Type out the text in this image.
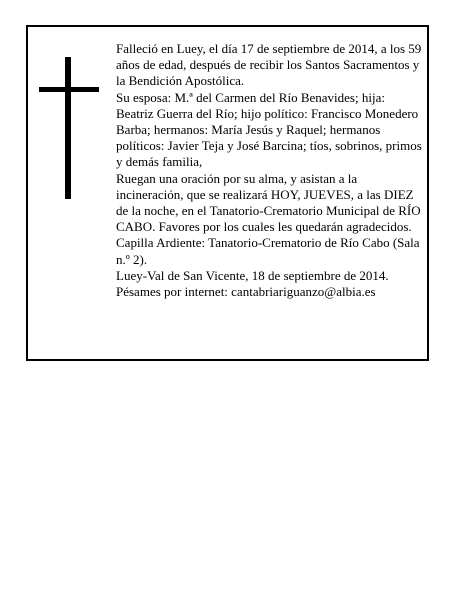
Falleció en Luey, el día 17 de septiembre de 2014, a los 59 años de edad, después de recibir los Santos Sacramentos y la Bendición Apostólica.

Su esposa: M.ª del Carmen del Río Benavides; hija: Beatriz Guerra del Río; hijo político: Francisco Monedero Barba; hermanos: María Jesús y Raquel; hermanos políticos: Javier Teja y José Barcina; tíos, sobrinos, primos y demás familia,

Ruegan una oración por su alma, y asistan a la incineración, que se realizará HOY, JUEVES, a las DIEZ de la noche, en el Tanatorio-Crematorio Municipal de RÍO CABO. Favores por los cuales les quedarán agradecidos. Capilla Ardiente: Tanatorio-Crematorio de Río Cabo (Sala n.º 2).

Luey-Val de San Vicente, 18 de septiembre de 2014.

Pésames por internet: cantabriariguanzo@albia.es
